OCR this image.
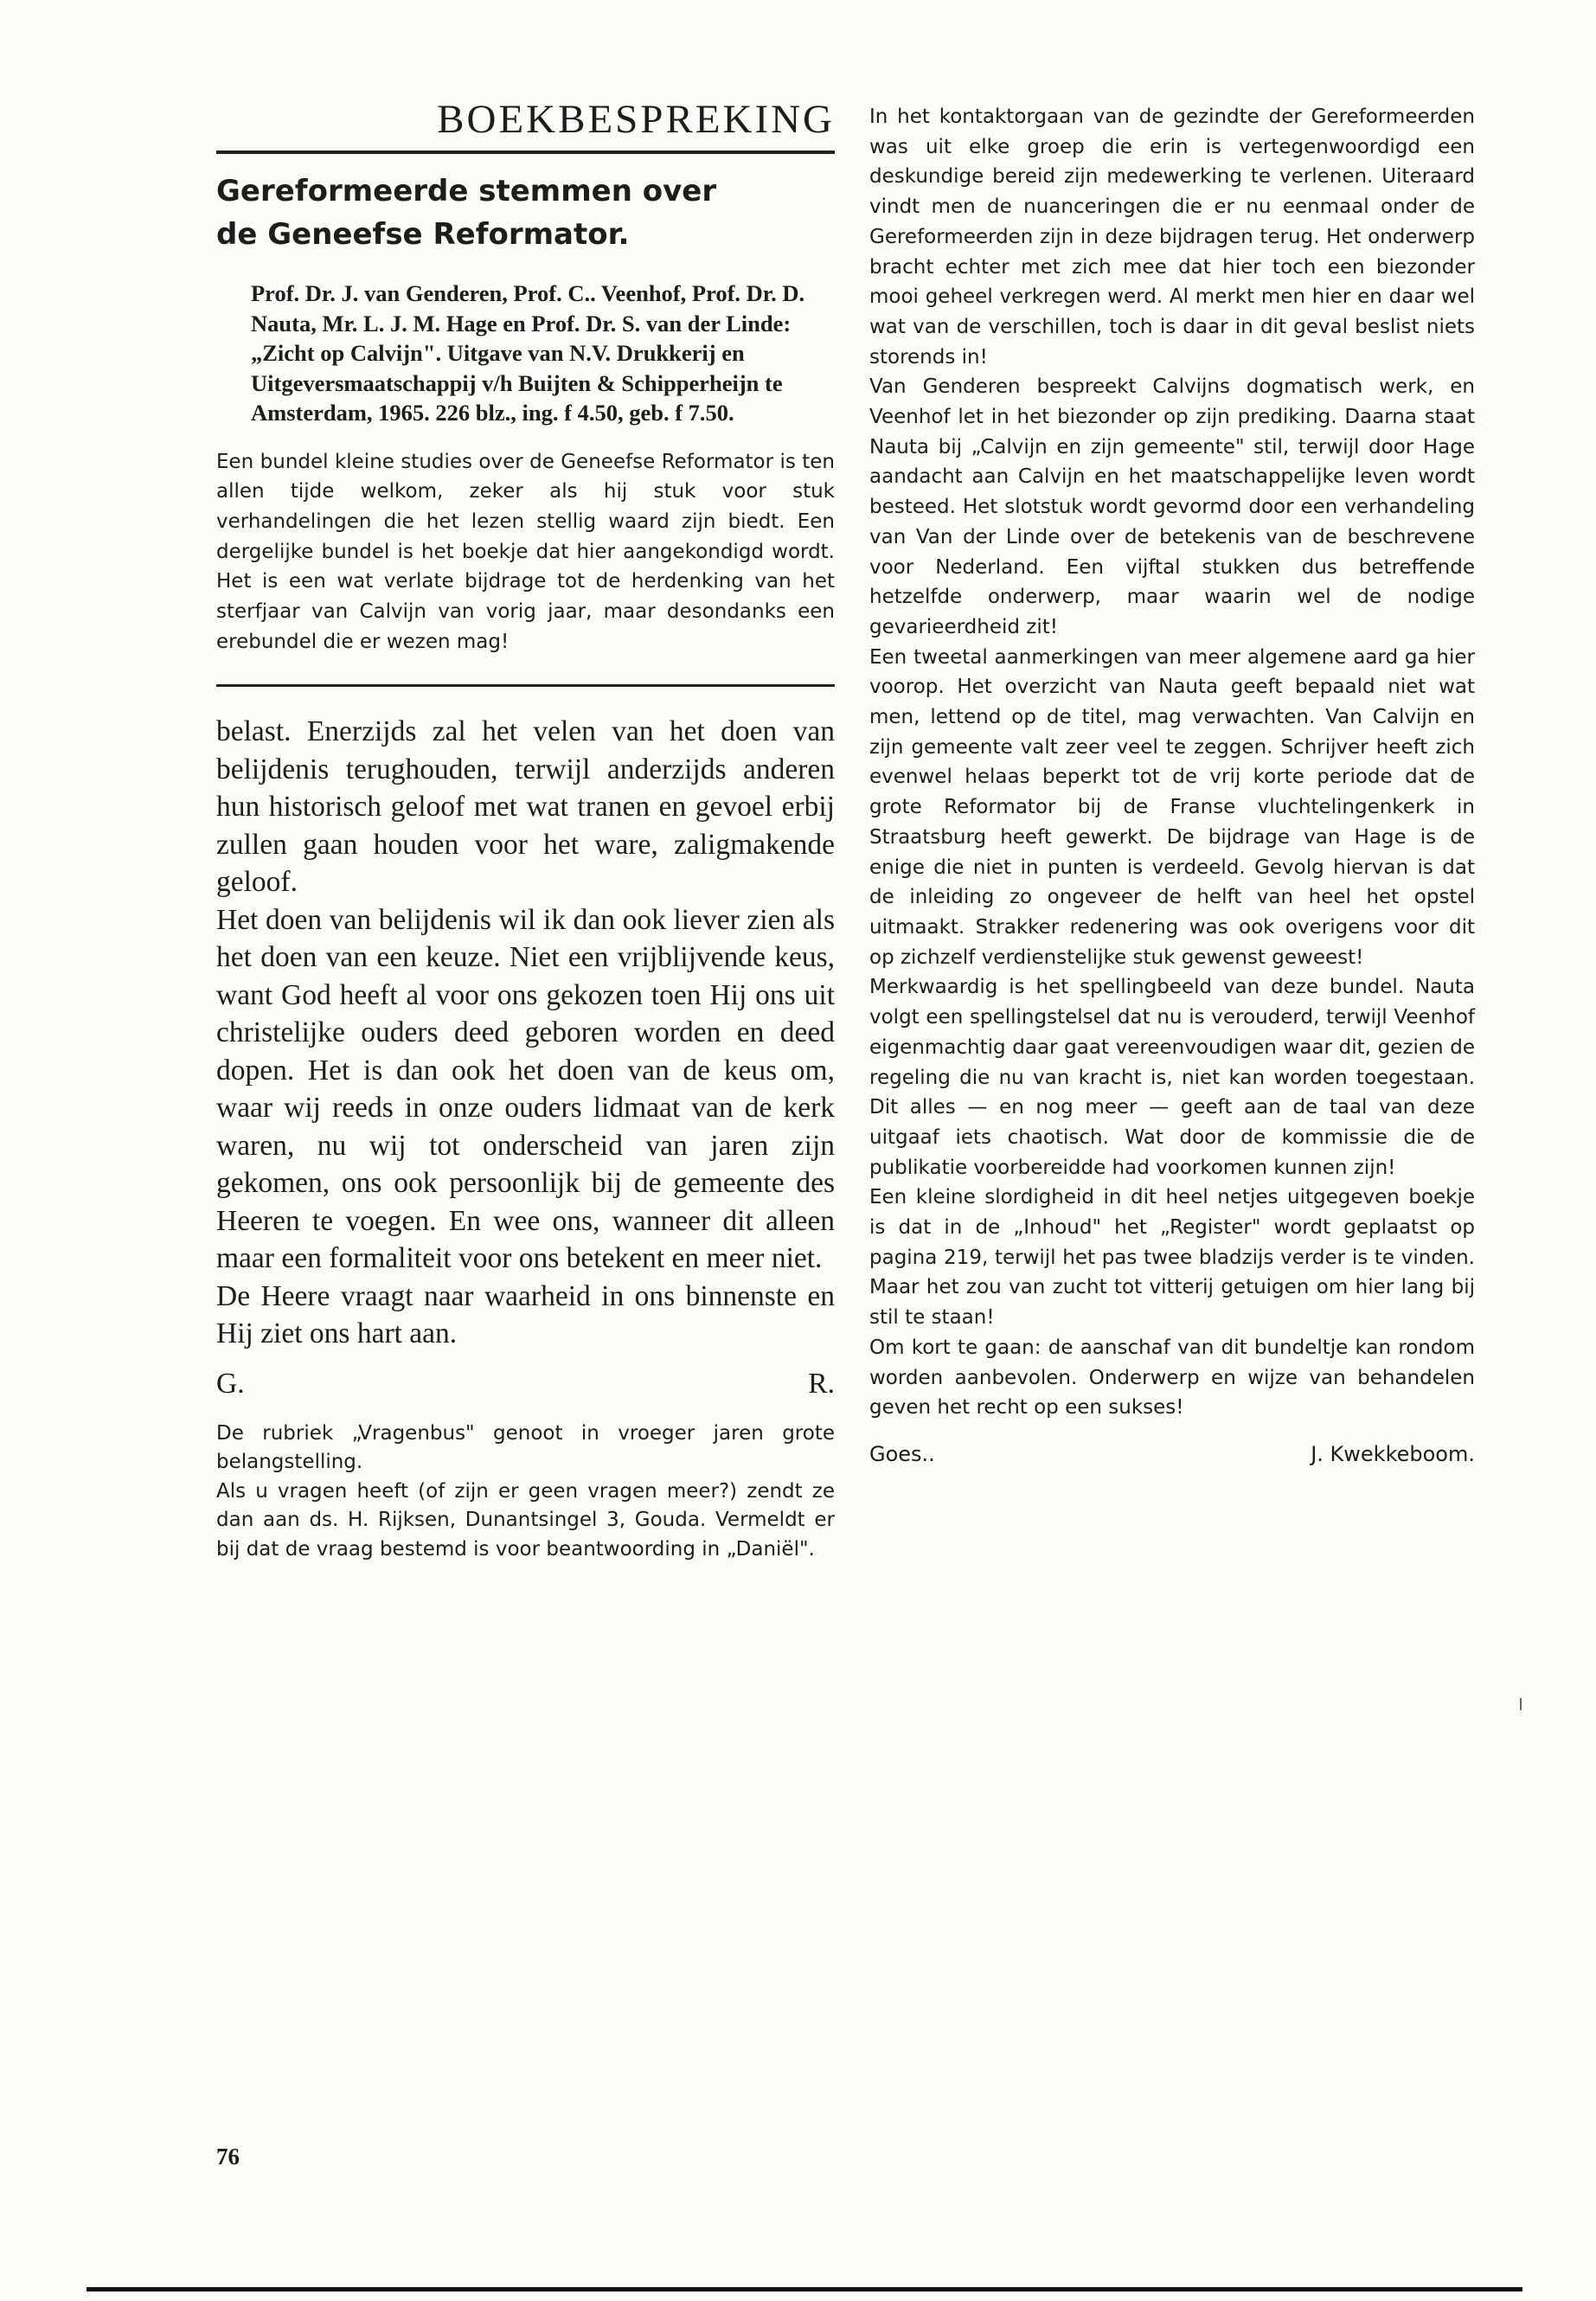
BOEKBESPREKING
Gereformeerde stemmen over
de Geneefse Reformator.

Prof. Dr. J. van Genderen, Prof. C.. Veenhof, Prof. Dr. D. Nauta, Mr. L. J. M. Hage en Prof. Dr. S. van der Linde: „Zicht op Calvijn". Uitgave van N.V. Drukkerij en Uitgeversmaatschappij v/h Buijten & Schipperheijn te Amsterdam, 1965. 226 blz., ing. f 4.50, geb. f 7.50.

Een bundel kleine studies over de Geneefse Reformator is ten allen tijde welkom, zeker als hij stuk voor stuk verhandelingen die het lezen stellig waard zijn biedt. Een dergelijke bundel is het boekje dat hier aangekondigd wordt. Het is een wat verlate bijdrage tot de herdenking van het sterfjaar van Calvijn van vorig jaar, maar desondanks een erebundel die er wezen mag!

belast. Enerzijds zal het velen van het doen van belijdenis terughouden, terwijl anderzijds anderen hun historisch geloof met wat tranen en gevoel erbij zullen gaan houden voor het ware, zaligmakende geloof.

Het doen van belijdenis wil ik dan ook liever zien als het doen van een keuze. Niet een vrijblijvende keus, want God heeft al voor ons gekozen toen Hij ons uit christelijke ouders deed geboren worden en deed dopen. Het is dan ook het doen van de keus om, waar wij reeds in onze ouders lidmaat van de kerk waren, nu wij tot onderscheid van jaren zijn gekomen, ons ook persoonlijk bij de gemeente des Heeren te voegen. En wee ons, wanneer dit alleen maar een formaliteit voor ons betekent en meer niet.

De Heere vraagt naar waarheid in ons binnenste en Hij ziet ons hart aan.

G.	R.

De rubriek „Vragenbus" genoot in vroeger jaren grote belangstelling.

Als u vragen heeft (of zijn er geen vragen meer?) zendt ze dan aan ds. H. Rijksen, Dunantsingel 3, Gouda. Vermeldt er bij dat de vraag bestemd is voor beantwoording in „Daniël".

In het kontaktorgaan van de gezindte der Gereformeerden was uit elke groep die erin is vertegenwoordigd een deskundige bereid zijn medewerking te verlenen. Uiteraard vindt men de nuanceringen die er nu eenmaal onder de Gereformeerden zijn in deze bijdragen terug. Het onderwerp bracht echter met zich mee dat hier toch een biezonder mooi geheel verkregen werd. Al merkt men hier en daar wel wat van de verschillen, toch is daar in dit geval beslist niets storends in!

Van Genderen bespreekt Calvijns dogmatisch werk, en Veenhof let in het biezonder op zijn prediking. Daarna staat Nauta bij „Calvijn en zijn gemeente" stil, terwijl door Hage aandacht aan Calvijn en het maatschappelijke leven wordt besteed. Het slotstuk wordt gevormd door een verhandeling van Van der Linde over de betekenis van de beschrevene voor Nederland. Een vijftal stukken dus betreffende hetzelfde onderwerp, maar waarin wel de nodige gevarieerdheid zit!

Een tweetal aanmerkingen van meer algemene aard ga hier voorop. Het overzicht van Nauta geeft bepaald niet wat men, lettend op de titel, mag verwachten. Van Calvijn en zijn gemeente valt zeer veel te zeggen. Schrijver heeft zich evenwel helaas beperkt tot de vrij korte periode dat de grote Reformator bij de Franse vluchtelingenkerk in Straatsburg heeft gewerkt. De bijdrage van Hage is de enige die niet in punten is verdeeld. Gevolg hiervan is dat de inleiding zo ongeveer de helft van heel het opstel uitmaakt. Strakker redenering was ook overigens voor dit op zichzelf verdienstelijke stuk gewenst geweest!

Merkwaardig is het spellingbeeld van deze bundel. Nauta volgt een spellingstelsel dat nu is verouderd, terwijl Veenhof eigenmachtig daar gaat vereenvoudigen waar dit, gezien de regeling die nu van kracht is, niet kan worden toegestaan. Dit alles — en nog meer — geeft aan de taal van deze uitgaaf iets chaotisch. Wat door de kommissie die de publikatie voorbereidde had voorkomen kunnen zijn!

Een kleine slordigheid in dit heel netjes uitgegeven boekje is dat in de „Inhoud" het „Register" wordt geplaatst op pagina 219, terwijl het pas twee bladzijs verder is te vinden. Maar het zou van zucht tot vitterij getuigen om hier lang bij stil te staan!

Om kort te gaan: de aanschaf van dit bundeltje kan rondom worden aanbevolen. Onderwerp en wijze van behandelen geven het recht op een sukses!

Goes..	J. Kwekkeboom.
76
